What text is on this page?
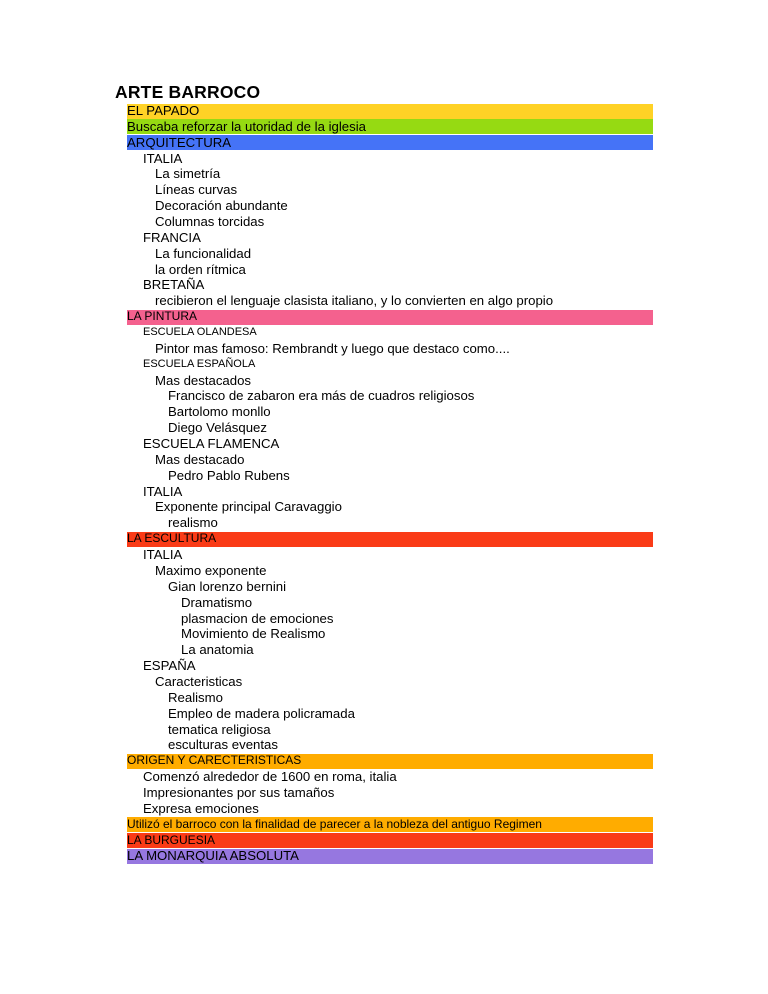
ARTE BARROCO
EL PAPADO
Buscaba reforzar la utoridad de la iglesia
ARQUITECTURA
ITALIA
La simetría
Líneas curvas
Decoración abundante
Columnas torcidas
FRANCIA
La funcionalidad
la orden rítmica
BRETAÑA
recibieron el lenguaje clasista italiano, y lo convierten en algo propio
LA PINTURA
ESCUELA OLANDESA
Pintor mas famoso: Rembrandt y luego que destaco como....
ESCUELA ESPAÑOLA
Mas destacados
Francisco de zabaron era más de cuadros religiosos
Bartolomo monllo
Diego Velásquez
ESCUELA FLAMENCA
Mas destacado
Pedro Pablo Rubens
ITALIA
Exponente principal Caravaggio
realismo
LA ESCULTURA
ITALIA
Maximo exponente
Gian lorenzo bernini
Dramatismo
plasmacion de emociones
Movimiento de Realismo
La anatomia
ESPAÑA
Caracteristicas
Realismo
Empleo de madera policramada
tematica religiosa
esculturas eventas
ORIGEN Y CARECTERISTICAS
Comenzó alrededor de 1600 en roma, italia
Impresionantes por sus tamaños
Expresa emociones
Utilizó el barroco con la finalidad de parecer a la nobleza del antiguo Regimen
LA BURGUESIA
LA MONARQUIA ABSOLUTA
